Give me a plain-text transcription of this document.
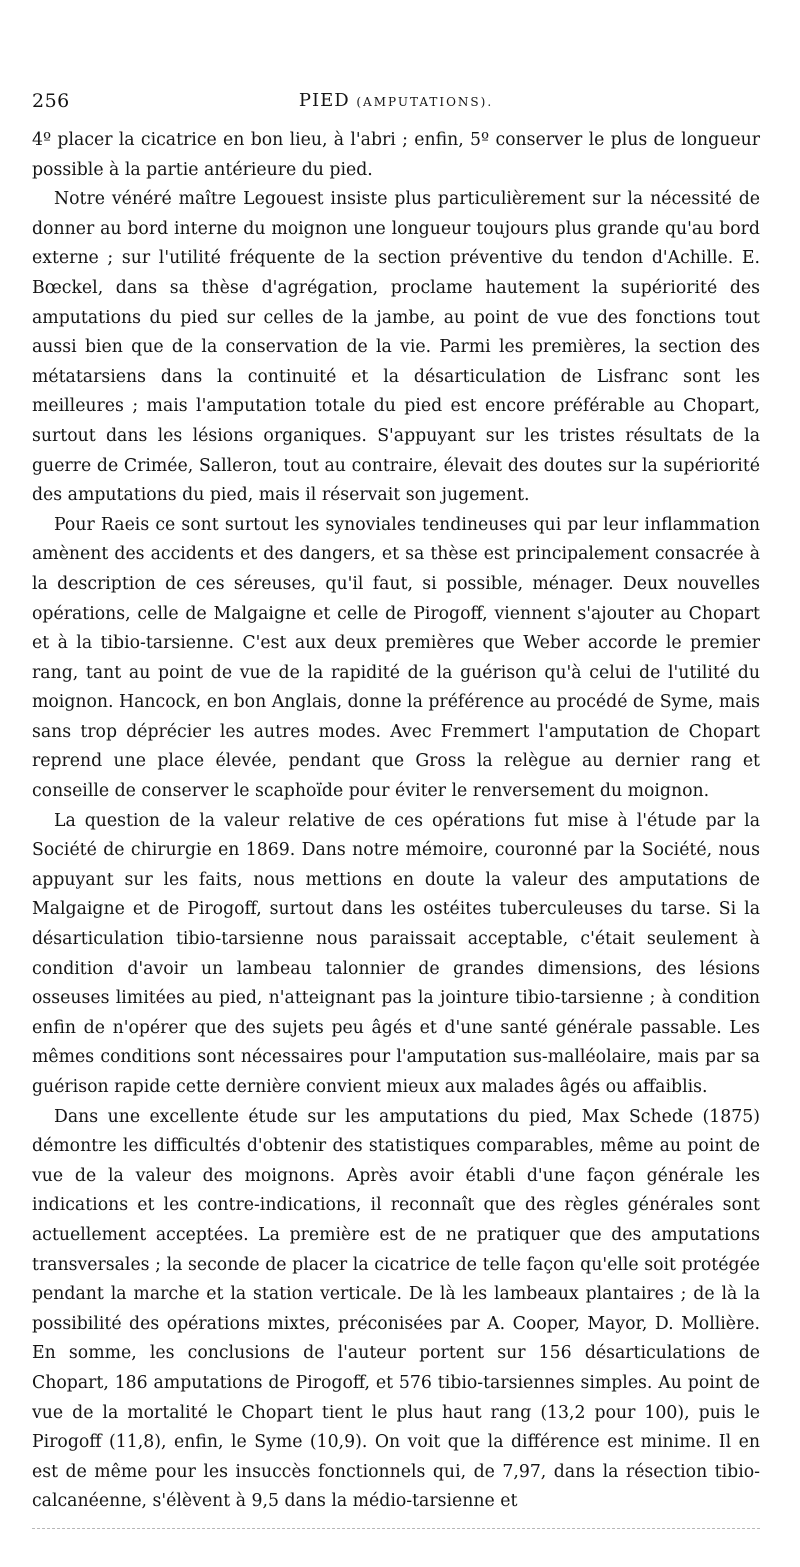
256	PIED (AMPUTATIONS).

4º placer la cicatrice en bon lieu, à l'abri ; enfin, 5º conserver le plus de longueur possible à la partie antérieure du pied.

Notre vénéré maître Legouest insiste plus particulièrement sur la nécessité de donner au bord interne du moignon une longueur toujours plus grande qu'au bord externe ; sur l'utilité fréquente de la section préventive du tendon d'Achille. E. Bœckel, dans sa thèse d'agrégation, proclame hautement la supériorité des amputations du pied sur celles de la jambe, au point de vue des fonctions tout aussi bien que de la conservation de la vie. Parmi les premières, la section des métatarsiens dans la continuité et la désarticulation de Lisfranc sont les meilleures ; mais l'amputation totale du pied est encore préférable au Chopart, surtout dans les lésions organiques. S'appuyant sur les tristes résultats de la guerre de Crimée, Salleron, tout au contraire, élevait des doutes sur la supériorité des amputations du pied, mais il réservait son jugement.

Pour Raeis ce sont surtout les synoviales tendineuses qui par leur inflammation amènent des accidents et des dangers, et sa thèse est principalement consacrée à la description de ces séreuses, qu'il faut, si possible, ménager. Deux nouvelles opérations, celle de Malgaigne et celle de Pirogoff, viennent s'ajouter au Chopart et à la tibio-tarsienne. C'est aux deux premières que Weber accorde le premier rang, tant au point de vue de la rapidité de la guérison qu'à celui de l'utilité du moignon. Hancock, en bon Anglais, donne la préférence au procédé de Syme, mais sans trop déprécier les autres modes. Avec Fremmert l'amputation de Chopart reprend une place élevée, pendant que Gross la relègue au dernier rang et conseille de conserver le scaphoïde pour éviter le renversement du moignon.

La question de la valeur relative de ces opérations fut mise à l'étude par la Société de chirurgie en 1869. Dans notre mémoire, couronné par la Société, nous appuyant sur les faits, nous mettions en doute la valeur des amputations de Malgaigne et de Pirogoff, surtout dans les ostéites tuberculeuses du tarse. Si la désarticulation tibio-tarsienne nous paraissait acceptable, c'était seulement à condition d'avoir un lambeau talonnier de grandes dimensions, des lésions osseuses limitées au pied, n'atteignant pas la jointure tibio-tarsienne ; à condition enfin de n'opérer que des sujets peu âgés et d'une santé générale passable. Les mêmes conditions sont nécessaires pour l'amputation sus-malléolaire, mais par sa guérison rapide cette dernière convient mieux aux malades âgés ou affaiblis.

Dans une excellente étude sur les amputations du pied, Max Schede (1875) démontre les difficultés d'obtenir des statistiques comparables, même au point de vue de la valeur des moignons. Après avoir établi d'une façon générale les indications et les contre-indications, il reconnaît que des règles générales sont actuellement acceptées. La première est de ne pratiquer que des amputations transversales ; la seconde de placer la cicatrice de telle façon qu'elle soit protégée pendant la marche et la station verticale. De là les lambeaux plantaires ; de là la possibilité des opérations mixtes, préconisées par A. Cooper, Mayor, D. Mollière. En somme, les conclusions de l'auteur portent sur 156 désarticulations de Chopart, 186 amputations de Pirogoff, et 576 tibio-tarsiennes simples. Au point de vue de la mortalité le Chopart tient le plus haut rang (13,2 pour 100), puis le Pirogoff (11,8), enfin, le Syme (10,9). On voit que la différence est minime. Il en est de même pour les insuccès fonctionnels qui, de 7,97, dans la résection tibio-calcanéenne, s'élèvent à 9,5 dans la médio-tarsienne et
